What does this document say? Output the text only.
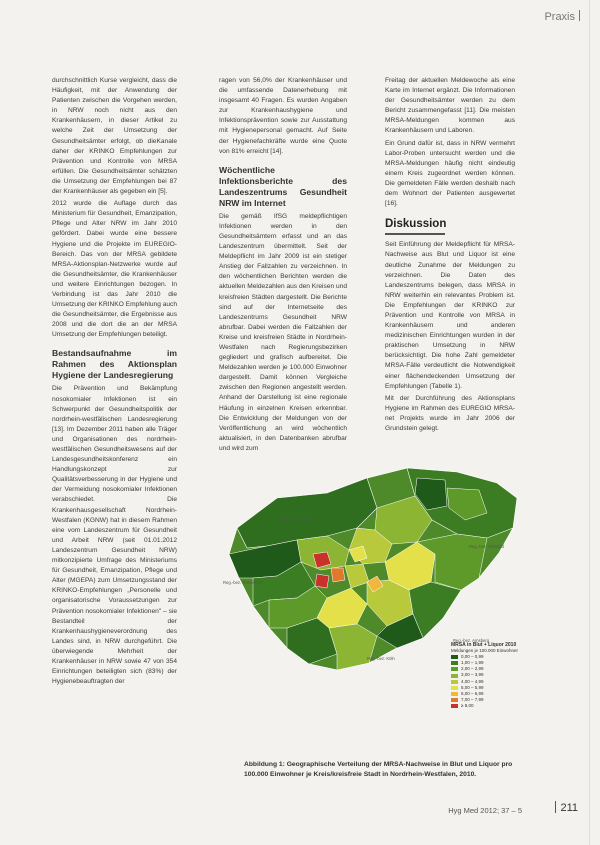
Praxis

durchschnittlich Kurse vergleicht, dass die Häufigkeit, mit der Anwendung der Patienten zwischen die Vorgehen werden, in NRW noch nicht aus den Krankenhäusern, in dieser Artikel zu welche Zeit der Umsetzung der Gesundheitsämter erfolgt, ob dieKanale daher der KRINKO Empfehlungen zur Prävention und Kontrolle von MRSA erfüllen. Die Gesundheitsämter schätzten die Umsetzung der Empfehlungen bei 87 der Krankenhäuser als gegeben ein [5].

2012 wurde die Auflage durch das Ministerium für Gesundheit, Emanzipation, Pflege und Alter NRW im Jahr 2010 gefördert. Dabei wurde eine bessere Hygiene und die Projekte im EUREGIO-Bereich. Das von der MRSA gebildete MRSA-Aktionsplan-Netzwerke wurde auf die Gesundheitsämter, die Krankenhäuser und weitere Einrichtungen bezogen. In Verbindung ist das Jahr 2010 die Umsetzung der KRINKO Empfehlung auch die Gesundheitsämter, die Ergebnisse aus 2008 und die dort die an der MRSA Umsetzung der Empfehlungen beteiligt.

Bestandsaufnahme im Rahmen des Aktionsplan Hygiene der Landesregierung

Die Prävention und Bekämpfung nosokomialer Infektionen ist ein Schwerpunkt der Gesundheitspolitik der nordrhein-westfälischen Landesregierung [13]. Im Dezember 2011 haben alle Träger und Organisationen des nordrhein-westfälischen Gesundheitswesens auf der Landesgesundheitskonferenz ein Handlungskonzept zur Qualitätsverbesserung in der Hygiene und der Vermeidung nosokomialer Infektionen verabschiedet. Die Krankenhausgesellschaft Nordrhein-Westfalen (KGNW) hat in diesem Rahmen eine vom Landeszentrum für Gesundheit und Arbeit NRW (seit 01.01.2012 Landeszentrum Gesundheit NRW) mitkonzipierte Umfrage des Ministeriums für Gesundheit, Emanzipation, Pflege und Alter (MGEPA) zum Umsetzungsstand der KRINKO-Empfehlungen „Personelle und organisatorische Voraussetzungen zur Prävention nosokomialer Infektionen" – sie Bestandteil der Krankenhaushygieneverordnung des Landes sind, in NRW durchgeführt. Die überwiegende Mehrheit der Krankenhäuser in NRW sowie 47 von 354 Einrichtungen beteiligten sich (83%) der Hygienebeauftragten der

ragen von 56,0% der Krankenhäuser und die umfassende Datenerhebung mit insgesamt 40 Fragen. Es wurden Angaben zur Krankenhaushygiene und Infektionsprävention sowie zur Ausstattung mit Hygienepersonal gemacht. Auf Seite der Hygienefachkräfte wurde eine Quote von 81% erreicht [14].

Wöchentliche Infektionsberichte des Landeszentrums Gesundheit NRW im Internet

Die gemäß IfSG meldepflichtigen Infektionen werden in den Gesundheitsämtern erfasst und an das Landeszentrum übermittelt. Seit der Meldepflicht im Jahr 2009 ist ein stetiger Anstieg der Fallzahlen zu verzeichnen. In den wöchentlichen Berichten werden die aktuellen Meldezahlen aus den Kreisen und kreisfreien Städten dargestellt. Die Berichte sind auf der Internetseite des Landeszentrums Gesundheit NRW abrufbar. Dabei werden die Fallzahlen der Kreise und kreisfreien Städte in Nordrhein-Westfalen nach Regierungsbezirken gegliedert und grafisch aufbereitet. Die Meldezahlen werden je 100.000 Einwohner dargestellt. Damit können Vergleiche zwischen den Regionen angestellt werden. Anhand der Darstellung ist eine regionale Häufung in einzelnen Kreisen erkennbar. Die Entwicklung der Meldungen von der Veröffentlichung an wird wöchentlich aktualisiert, in den Datenbanken abrufbar und wird zum

Freitag der aktuellen Meldewoche als eine Karte im Internet ergänzt. Die Informationen der Gesundheitsämter werden zu dem Bericht zusammengefasst [11]. Die meisten MRSA-Meldungen kommen aus Krankenhäusern und Laboren.

Ein Grund dafür ist, dass in NRW vermehrt Labor-Proben untersucht werden und die MRSA-Meldungen häufig nicht eindeutig einem Kreis zugeordnet werden können. Die gemeldeten Fälle werden deshalb nach dem Wohnort der Patienten ausgewertet [16].

Diskussion

Seit Einführung der Meldepflicht für MRSA-Nachweise aus Blut und Liquor ist eine deutliche Zunahme der Meldungen zu verzeichnen. Die Daten des Landeszentrums belegen, dass MRSA in NRW weiterhin ein relevantes Problem ist. Die Empfehlungen der KRINKO zur Prävention und Kontrolle von MRSA in Krankenhäusern und anderen medizinischen Einrichtungen wurden in der praktischen Umsetzung in NRW berücksichtigt. Die hohe Zahl gemeldeter MRSA-Fälle verdeutlicht die Notwendigkeit einer flächendeckenden Umsetzung der Empfehlungen (Tabelle 1).

Mit der Durchführung des Aktionsplans Hygiene im Rahmen des EUREGIO MRSA-net Projekts wurde im Jahr 2006 der Grundstein gelegt.

Reg.-bez. Münster
Reg.-bez. Detmold
Reg.-bez. Düsseldorf
Reg.-bez. Köln
Reg.-bez. Arnsberg
MRSA in Blut + Liquor 2010
Meldungen je 100.000 Einwohner
0,00 – 0,99
1,00 – 1,99
2,00 – 2,99
3,00 – 3,99
4,00 – 4,99
5,00 – 5,99
6,00 – 6,99
7,00 – 7,99
≥ 8,00
Abbildung 1: Geographische Verteilung der MRSA-Nachweise in Blut und Liquor pro 100.000 Einwohner je Kreis/kreisfreie Stadt in Nordrhein-Westfalen, 2010.
Hyg Med 2012; 37 – 5	211
